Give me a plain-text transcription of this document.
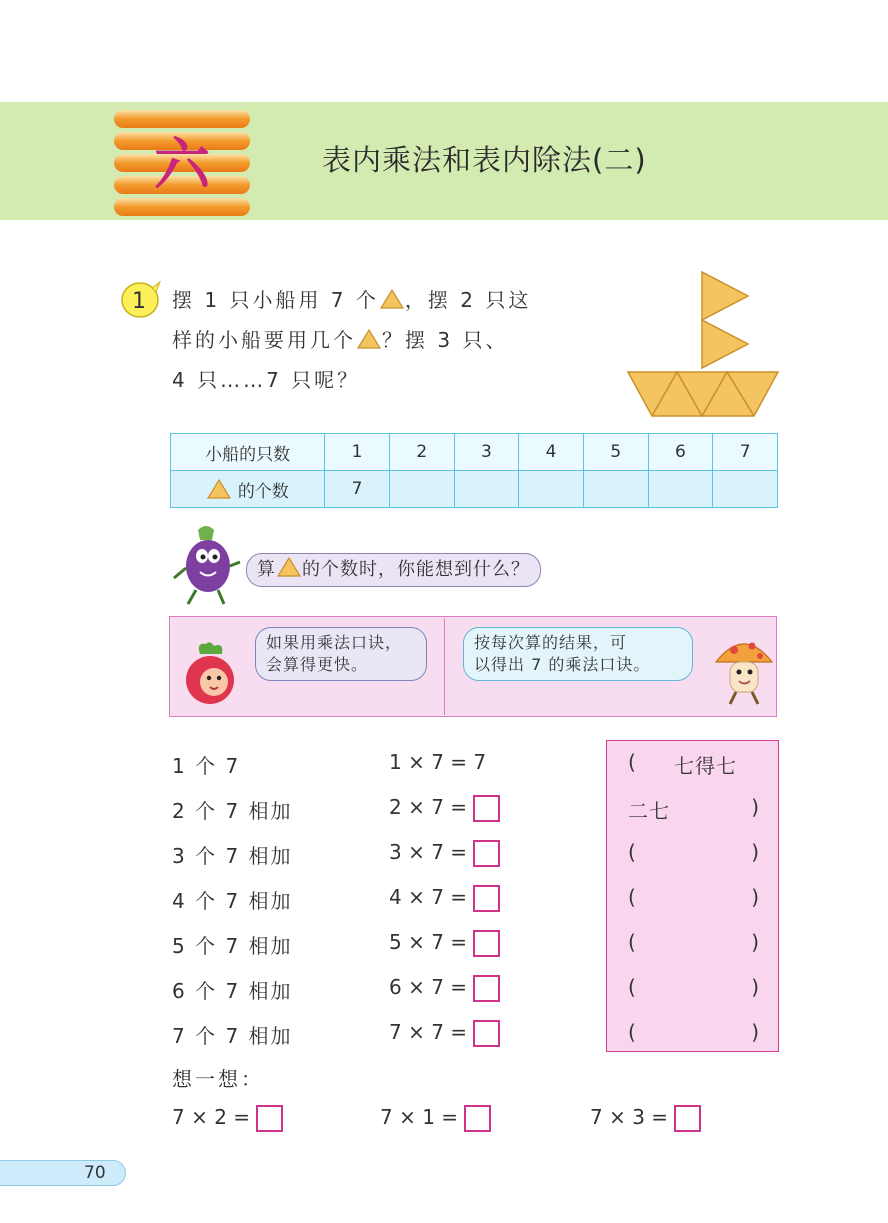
六	表内乘法和表内除法(二)
1 摆 1 只小船用 7 个 ，摆 2 只这
样的小船要用几个 ？摆 3 只、
4 只……7 只呢？
小船的只数	1	2	3	4	5	6	7
的个数	7						
算 的个数时，你能想到什么？
如果用乘法口诀，
会算得更快。
按每次算的结果，可
以得出 7 的乘法口诀。
1 个 7	1 × 7 = 7
2 个 7 相加	2 × 7 =
3 个 7 相加	3 × 7 =
4 个 7 相加	4 × 7 =
5 个 7 相加	5 × 7 =
6 个 7 相加	6 × 7 =
7 个 7 相加	7 × 7 =
( 七得七
二七	)
(	)
(	)
(	)
(	)
(	)
想一想：
7 × 2 =	7 × 1 =	7 × 3 =
70
